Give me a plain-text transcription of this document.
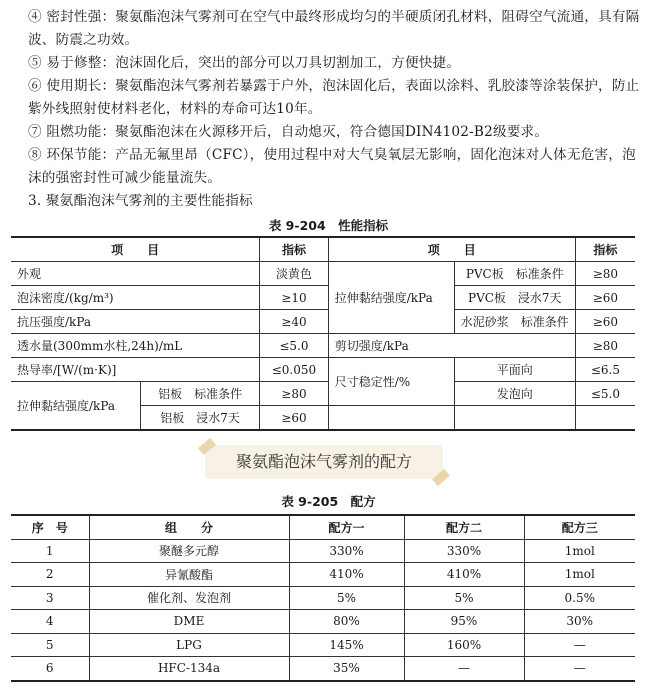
④ 密封性强：聚氨酯泡沫气雾剂可在空气中最终形成均匀的半硬质闭孔材料，阻碍空气流通，具有隔波、防震之功效。

⑤ 易于修整：泡沫固化后，突出的部分可以刀具切割加工，方便快捷。

⑥ 使用期长：聚氨酯泡沫气雾剂若暴露于户外，泡沫固化后，表面以涂料、乳胶漆等涂装保护，防止紫外线照射使材料老化，材料的寿命可达10年。

⑦ 阻燃功能：聚氨酯泡沫在火源移开后，自动熄灭，符合德国DIN4102-B2级要求。

⑧ 环保节能：产品无氟里昂（CFC），使用过程中对大气臭氧层无影响，固化泡沫对人体无危害，泡沫的强密封性可减少能量流失。

3. 聚氨酯泡沫气雾剂的主要性能指标

表 9-204　性能指标
项　　目		指标	项　　目		指标
外观		淡黄色	拉伸黏结强度/kPa	PVC板　标准条件	≥80
泡沫密度/(kg/m³)		≥10		PVC板　浸水7天	≥60
抗压强度/kPa		≥40		水泥砂浆　标准条件	≥60
透水量(300mm水柱,24h)/mL		≤5.0	剪切强度/kPa		≥80
热导率/[W/(m·K)]		≤0.050	尺寸稳定性/%	平面向	≤6.5
拉伸黏结强度/kPa	铝板　标准条件	≥80		发泡向	≤5.0
	铝板　浸水7天	≥60			
聚氨酯泡沫气雾剂的配方
表 9-205　配方
序　号	组　　分	配方一	配方二	配方三
1	聚醚多元醇	330%	330%	1mol
2	异氰酸酯	410%	410%	1mol
3	催化剂、发泡剂	5%	5%	0.5%
4	DME	80%	95%	30%
5	LPG	145%	160%	—
6	HFC-134a	35%	—	—
